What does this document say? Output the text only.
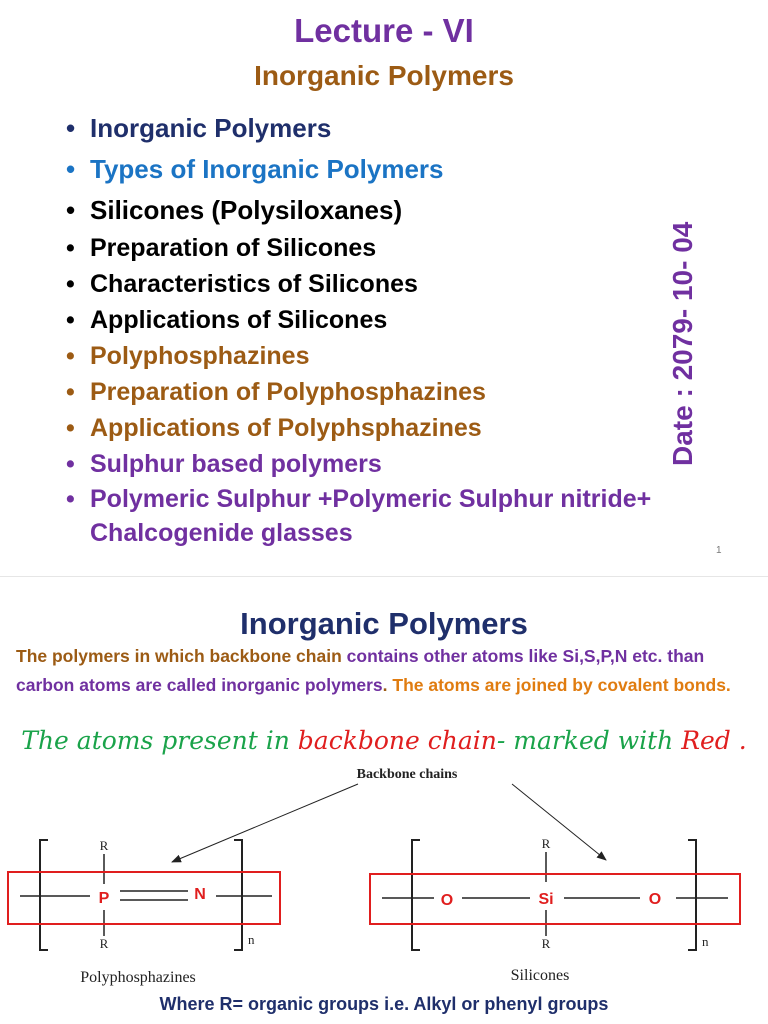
Lecture - VI
Inorganic Polymers
• Inorganic Polymers
• Types of Inorganic Polymers
• Silicones (Polysiloxanes)
• Preparation of Silicones
• Characteristics of Silicones
• Applications of Silicones
• Polyphosphazines
• Preparation of Polyphosphazines
• Applications of Polyphsphazines
• Sulphur based polymers
• Polymeric Sulphur +Polymeric Sulphur nitride+ Chalcogenide glasses
Date : 2079- 10- 04
1
Inorganic Polymers
The polymers in which backbone chain contains other atoms like Si,S,P,N etc. than carbon atoms are called inorganic polymers. The atoms are joined by covalent bonds.
The atoms present in backbone chain- marked with Red .
Backbone chains
n
R
R
P	N
Polyphosphazines
n
R
R
O	Si	O
Silicones
Where R= organic groups i.e. Alkyl or phenyl groups
